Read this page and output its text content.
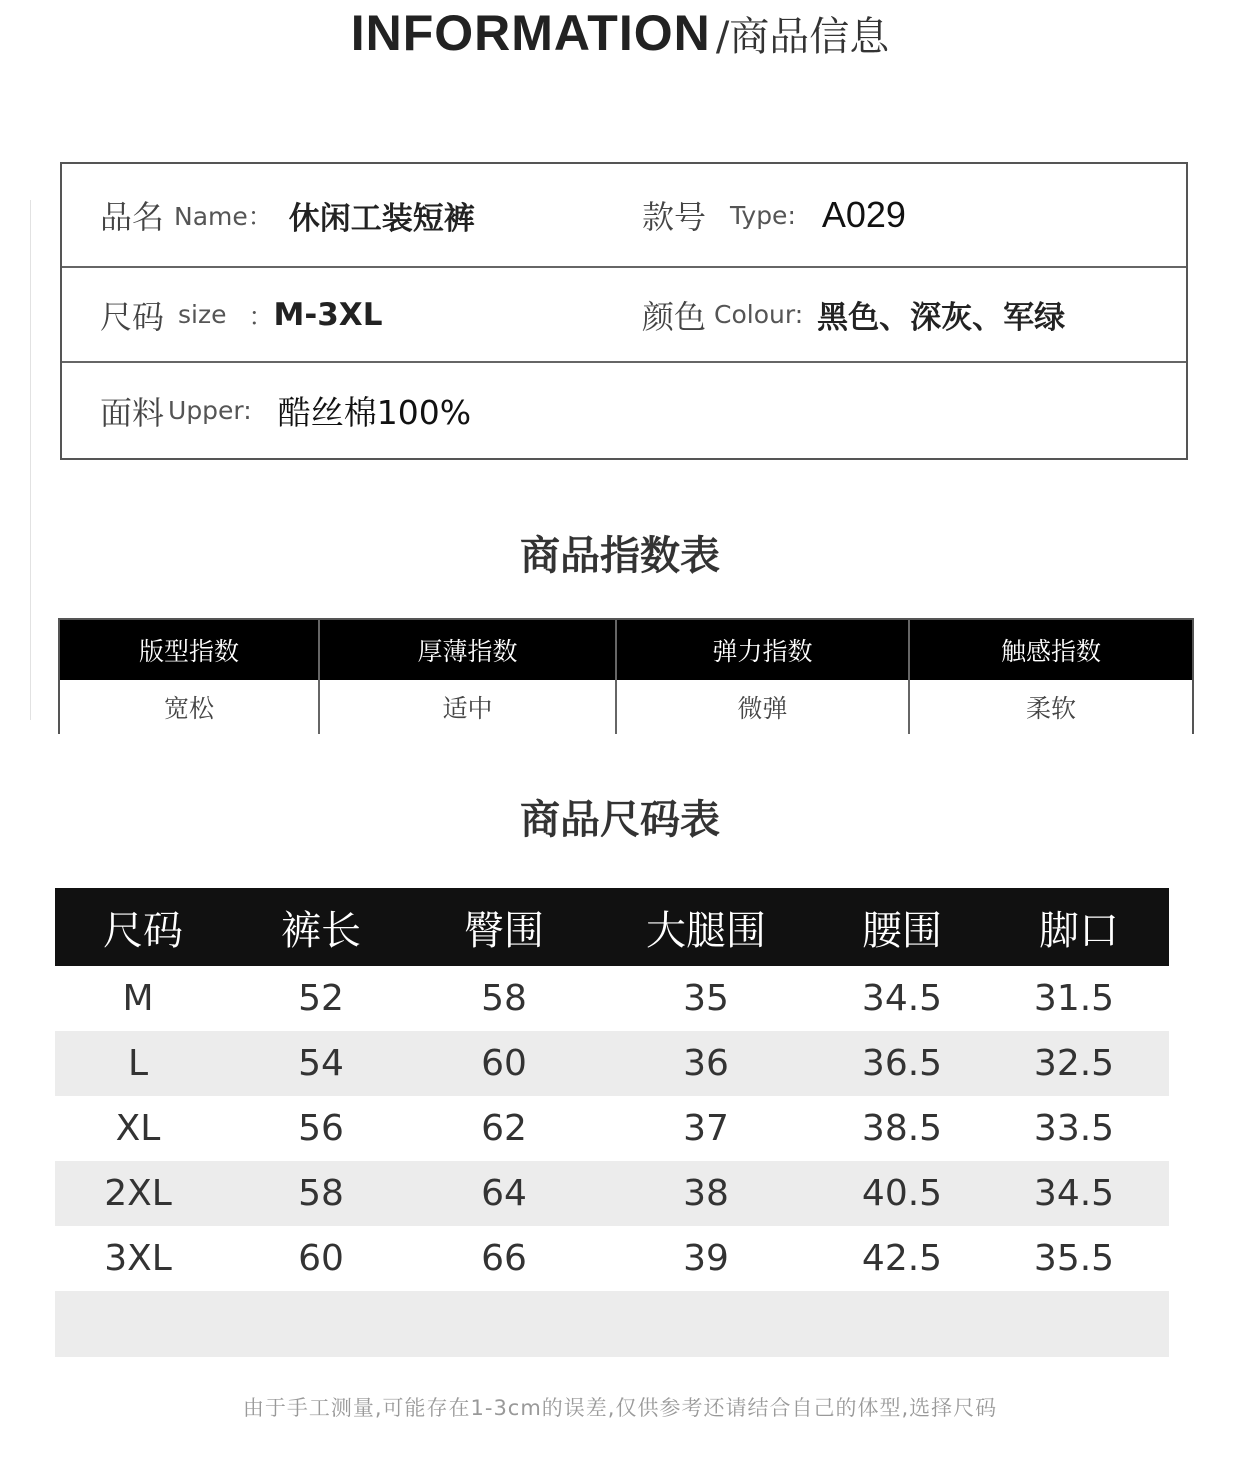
INFORMATION /商品信息
品名 Name： 休闲工装短裤	款号 Type: A029
尺码 size ： M-3XL	颜色 Colour: 黑色、深灰、军绿
面料 Upper: 酷丝棉100%
商品指数表
版型指数	厚薄指数	弹力指数	触感指数
宽松	适中	微弹	柔软
商品尺码表
尺码	裤长	臀围	大腿围	腰围	脚口
M	52	58	35	34.5	31.5
L	54	60	36	36.5	32.5
XL	56	62	37	38.5	33.5
2XL	58	64	38	40.5	34.5
3XL	60	66	39	42.5	35.5
由于手工测量,可能存在1-3cm的误差,仅供参考还请结合自己的体型,选择尺码
